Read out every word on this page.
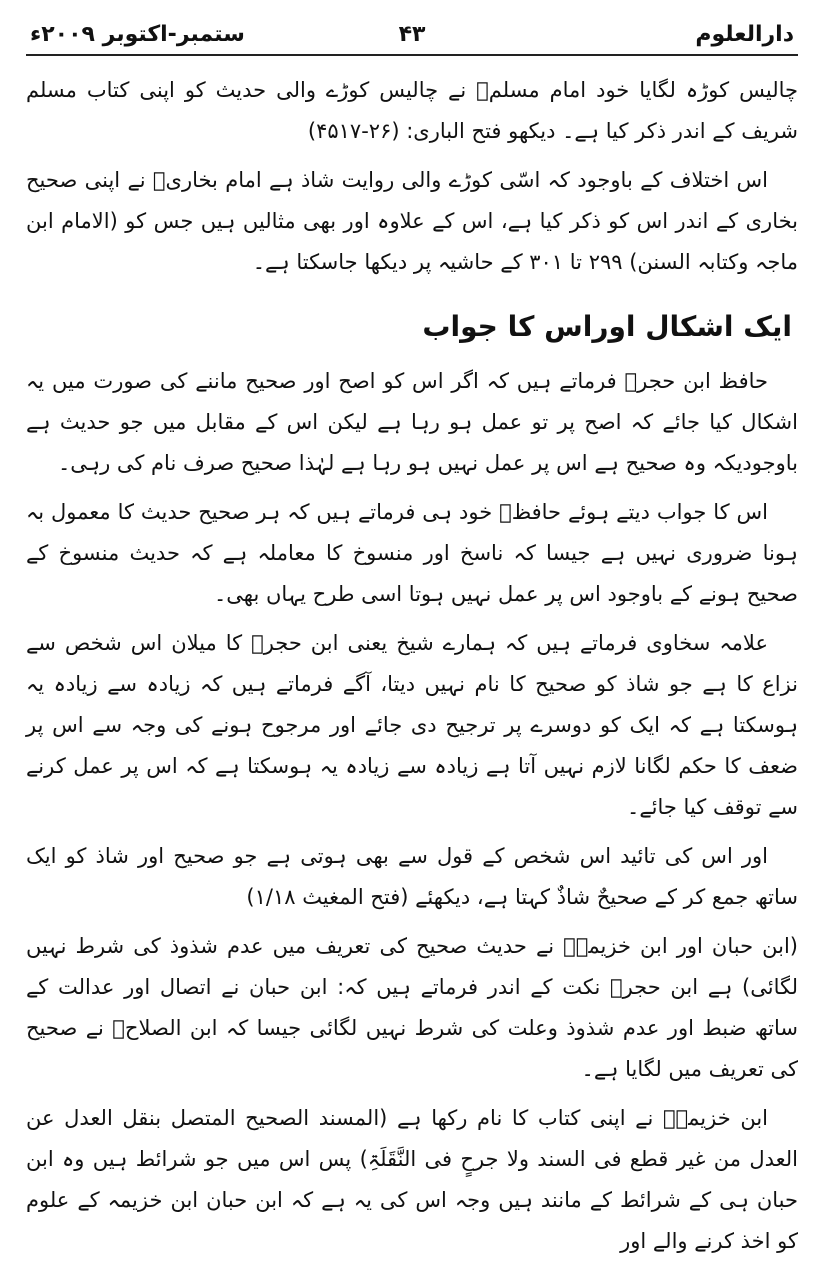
دارالعلوم
۴۳
ستمبر-اکتوبر ۲۰۰۹ء

چالیس کوڑہ لگایا خود امام مسلمؒ نے چالیس کوڑے والی حدیث کو اپنی کتاب مسلم شریف کے اندر ذکر کیا ہے۔ دیکھو فتح الباری: (۲۶-۴۵۱۷)

اس اختلاف کے باوجود کہ اسّی کوڑے والی روایت شاذ ہے امام بخاریؒ نے اپنی صحیح بخاری کے اندر اس کو ذکر کیا ہے، اس کے علاوہ اور بھی مثالیں ہیں جس کو (الامام ابن ماجہ وکتابہ السنن) ۲۹۹ تا ۳۰۱ کے حاشیہ پر دیکھا جاسکتا ہے۔

ایک اشکال اوراس کا جواب

حافظ ابن حجرؒ فرماتے ہیں کہ اگر اس کو اصح اور صحیح ماننے کی صورت میں یہ اشکال کیا جائے کہ اصح پر تو عمل ہو رہا ہے لیکن اس کے مقابل میں جو حدیث ہے باوجودیکہ وہ صحیح ہے اس پر عمل نہیں ہو رہا ہے لہٰذا صحیح صرف نام کی رہی۔

اس کا جواب دیتے ہوئے حافظؒ خود ہی فرماتے ہیں کہ ہر صحیح حدیث کا معمول بہ ہونا ضروری نہیں ہے جیسا کہ ناسخ اور منسوخ کا معاملہ ہے کہ حدیث منسوخ کے صحیح ہونے کے باوجود اس پر عمل نہیں ہوتا اسی طرح یہاں بھی۔

علامہ سخاوی فرماتے ہیں کہ ہمارے شیخ یعنی ابن حجرؒ کا میلان اس شخص سے نزاع کا ہے جو شاذ کو صحیح کا نام نہیں دیتا، آگے فرماتے ہیں کہ زیادہ سے زیادہ یہ ہوسکتا ہے کہ ایک کو دوسرے پر ترجیح دی جائے اور مرجوح ہونے کی وجہ سے اس پر ضعف کا حکم لگانا لازم نہیں آتا ہے زیادہ سے زیادہ یہ ہوسکتا ہے کہ اس پر عمل کرنے سے توقف کیا جائے۔

اور اس کی تائید اس شخص کے قول سے بھی ہوتی ہے جو صحیح اور شاذ کو ایک ساتھ جمع کر کے صحیحٌ شاذٌ کہتا ہے، دیکھئے (فتح المغیث ۱/۱۸)

(ابن حبان اور ابن خزیمہؒ نے حدیث صحیح کی تعریف میں عدم شذوذ کی شرط نہیں لگائی) ہے ابن حجرؒ نکت کے اندر فرماتے ہیں کہ: ابن حبان نے اتصال اور عدالت کے ساتھ ضبط اور عدم شذوذ وعلت کی شرط نہیں لگائی جیسا کہ ابن الصلاحؒ نے صحیح کی تعریف میں لگایا ہے۔

ابن خزیمہؒ نے اپنی کتاب کا نام رکھا ہے (المسند الصحیح المتصل بنقل العدل عن العدل من غیر قطع فی السند ولا جرحٍ فی النَّقَلَۃِ) پس اس میں جو شرائط ہیں وہ ابن حبان ہی کے شرائط کے مانند ہیں وجہ اس کی یہ ہے کہ ابن حبان ابن خزیمہ کے علوم کو اخذ کرنے والے اور
